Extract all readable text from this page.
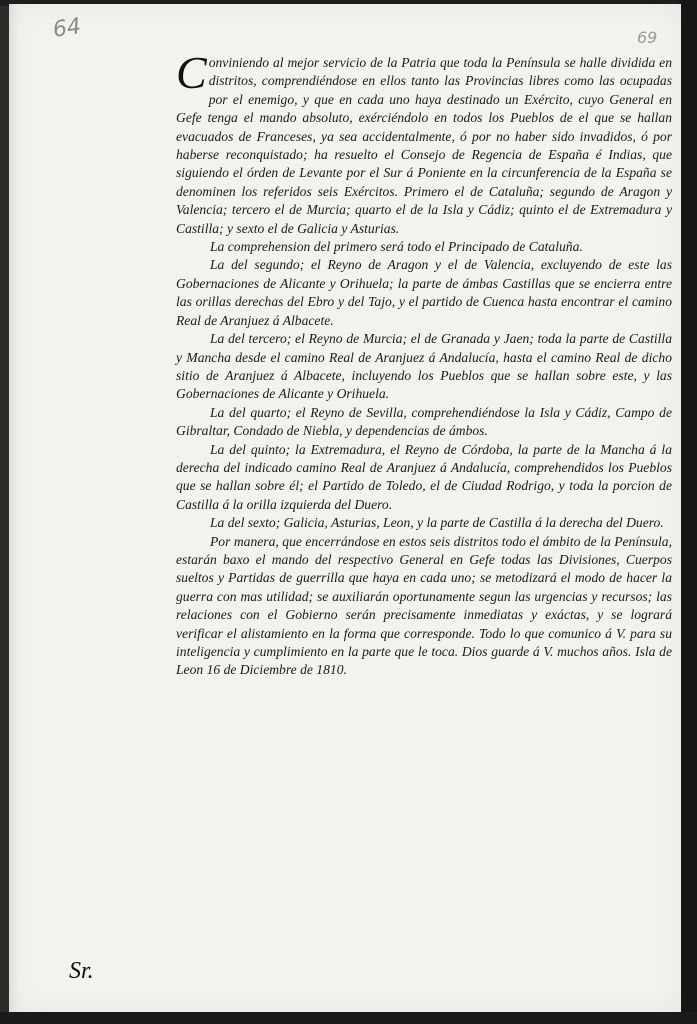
64	69

Conviniendo al mejor servicio de la Patria que toda la Península se halle dividida en distritos, comprendiéndose en ellos tanto las Provincias libres como las ocupadas por el enemigo, y que en cada uno haya destinado un Exército, cuyo General en Gefe tenga el mando absoluto, exérciéndolo en todos los Pueblos de el que se hallan evacuados de Franceses, ya sea accidentalmente, ó por no haber sido invadidos, ó por haberse reconquistado; ha resuelto el Consejo de Regencia de España é Indias, que siguiendo el órden de Levante por el Sur á Poniente en la circunferencia de la España se denominen los referidos seis Exércitos. Primero el de Cataluña; segundo de Aragon y Valencia; tercero el de Murcia; quarto el de la Isla y Cádiz; quinto el de Extremadura y Castilla; y sexto el de Galicia y Asturias.

La comprehension del primero será todo el Principado de Cataluña.

La del segundo; el Reyno de Aragon y el de Valencia, excluyendo de este las Gobernaciones de Alicante y Orihuela; la parte de ámbas Castillas que se encierra entre las orillas derechas del Ebro y del Tajo, y el partido de Cuenca hasta encontrar el camino Real de Aranjuez á Albacete.

La del tercero; el Reyno de Murcia; el de Granada y Jaen; toda la parte de Castilla y Mancha desde el camino Real de Aranjuez á Andalucía, hasta el camino Real de dicho sitio de Aranjuez á Albacete, incluyendo los Pueblos que se hallan sobre este, y las Gobernaciones de Alicante y Orihuela.

La del quarto; el Reyno de Sevilla, comprehendiéndose la Isla y Cádiz, Campo de Gibraltar, Condado de Niebla, y dependencias de ámbos.

La del quinto; la Extremadura, el Reyno de Córdoba, la parte de la Mancha á la derecha del indicado camino Real de Aranjuez á Andalucía, comprehendidos los Pueblos que se hallan sobre él; el Partido de Toledo, el de Ciudad Rodrigo, y toda la porcion de Castilla á la orilla izquierda del Duero.

La del sexto; Galicia, Asturias, Leon, y la parte de Castilla á la derecha del Duero.

Por manera, que encerrándose en estos seis distritos todo el ámbito de la Península, estarán baxo el mando del respectivo General en Gefe todas las Divisiones, Cuerpos sueltos y Partidas de guerrilla que haya en cada uno; se metodizará el modo de hacer la guerra con mas utilidad; se auxiliarán oportunamente segun las urgencias y recursos; las relaciones con el Gobierno serán precisamente inmediatas y exáctas, y se logrará verificar el alistamiento en la forma que corresponde. Todo lo que comunico á V. para su inteligencia y cumplimiento en la parte que le toca. Dios guarde á V. muchos años. Isla de Leon 16 de Diciembre de 1810.

Sr.
